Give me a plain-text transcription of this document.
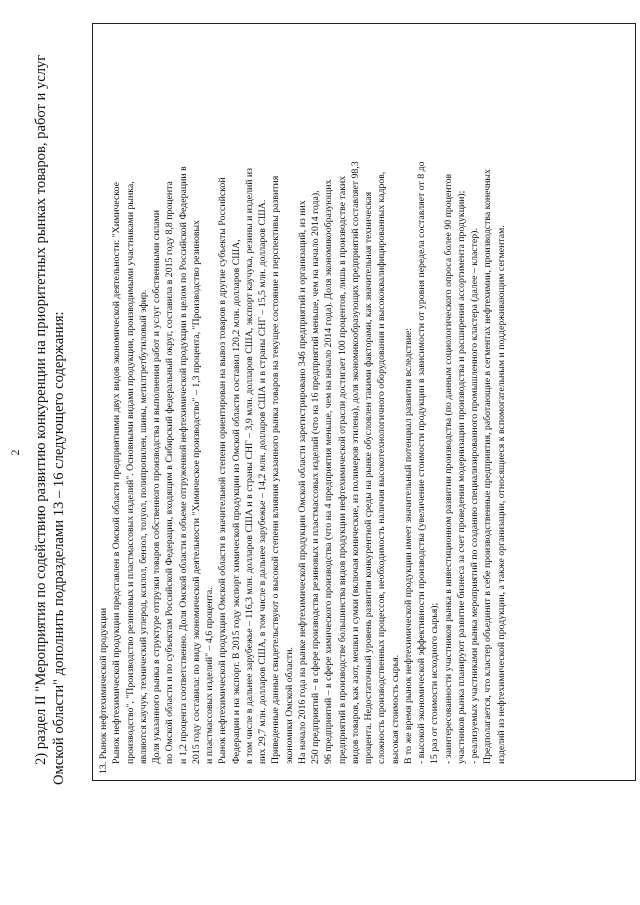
2 2) раздел II "Мероприятия по содействию развитию конкуренции на приоритетных рынках товаров, работ и услуг Омской области" дополнить подразделами 13 – 16 следующего содержания:	13. Рынок нефтехимической продукции Рынок нефтехимической продукции представлен в Омской области предприятиями двух видов экономической деятельности: "Химическое производство", "Производство резиновых и пластмассовых изделий". Основными видами продукции, производимыми участниками рынка, являются каучук, технический углерод, ксилол, бензол, толуол, полипропилен, шины, метилтретбутиловый эфир. Доля указанного рынка в структуре отгрузки товаров собственного производства и выполнения работ и услуг собственными силами по Омской области и по субъектам Российской Федерации, входящим в Сибирский федеральный округ, составила в 2015 году 8,8 процента и 1,2 процента соответственно. Доля Омской области в объеме отгруженной нефтехимической продукции в целом по Российской Федерации в 2015 году составила: по виду экономической деятельности "Химическое производство" – 1,3 процента, "Производство резиновых и пластмассовых изделий" – 4,6 процента. Рынок нефтехимической продукции Омской области в значительной степени ориентирован на вывоз товаров в другие субъекты Российской Федерации и на экспорт. В 2015 году экспорт химической продукции из Омской области составил 120,2 млн. долларов США, в том числе в дальнее зарубежье – 116,3 млн. долларов США и в страны СНГ – 3,9 млн. долларов США, экспорт каучука, резины и изделий из них 29,7 млн. долларов США, в том числе в дальнее зарубежье – 14,2 млн. долларов США и в страны СНГ – 15,5 млн. долларов США. Приведенные данные свидетельствуют о высокой степени влияния указанного рынка товаров на текущее состояние и перспективы развития экономики Омской области. На начало 2016 года на рынке нефтехимической продукции Омской области зарегистрировано 346 предприятий и организаций, из них 250 предприятий – в сфере производства резиновых и пластмассовых изделий (что на 16 предприятий меньше, чем на начало 2014 года), 96 предприятий – в сфере химического производства (что на 4 предприятия меньше, чем на начало 2014 года). Доля экономикообразующих предприятий в производстве большинства видов продукции нефтехимической отрасли достигает 100 процентов, лишь в производстве таких видов товаров, как азот, мешки и сумки (включая конические, из полимеров этилена), доля экономикообразующих предприятий составляет 98,3 процента. Недостаточный уровень развития конкурентной среды на рынке обусловлен такими факторами, как значительная техническая сложность производственных процессов, необходимость наличия высокотехнологичного оборудования и высококвалифицированных кадров, высокая стоимость сырья. В то же время рынок нефтехимической продукции имеет значительный потенциал развития вследствие: - высокой экономической эффективности производства (увеличение стоимости продукции в зависимости от уровня передела составляет от 8 до 15 раз от стоимости исходного сырья); - заинтересованности участников рынка в инвестиционном развитии производства (по данным социологического опроса более 90 процентов участников рынка планируют развитие бизнеса за счет проведения модернизации производства и расширения ассортимента продукции); - реализуемых участниками рынка мероприятий по созданию специализированного промышленного кластера (далее – кластер). Предполагается, что кластер объединит в себе производственные предприятия, работающие в сегментах нефтехимии, производства конечных изделий из нефтехимической продукции, а также организации, относящиеся к вспомогательным и поддерживающим сегментам.
